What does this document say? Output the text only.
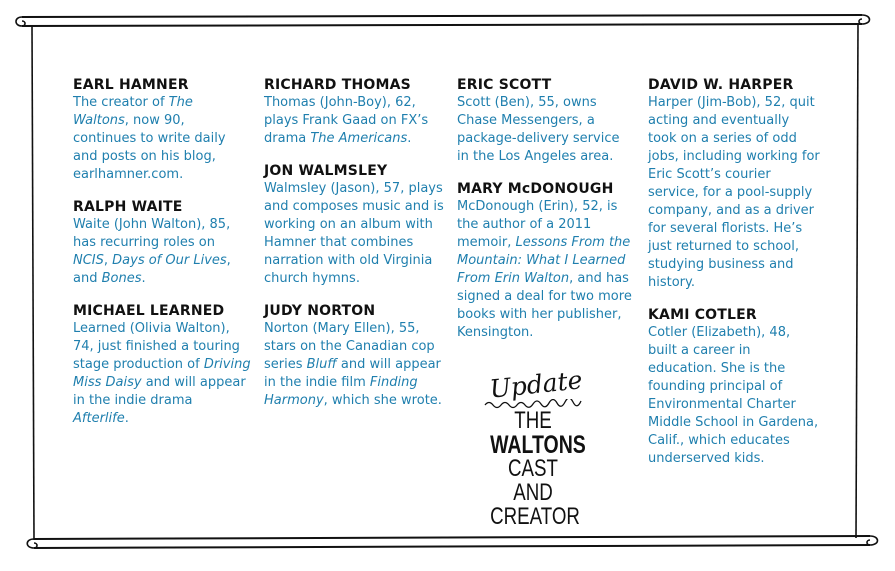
EARL HAMNER
The creator of The Waltons, now 90, continues to write daily and posts on his blog, earlhamner.com.
RALPH WAITE
Waite (John Walton), 85, has recurring roles on NCIS, Days of Our Lives, and Bones.
MICHAEL LEARNED
Learned (Olivia Walton), 74, just finished a touring stage production of Driving Miss Daisy and will appear in the indie drama Afterlife.
RICHARD THOMAS
Thomas (John-Boy), 62, plays Frank Gaad on FX’s drama The Americans.
JON WALMSLEY
Walmsley (Jason), 57, plays and composes music and is working on an album with Hamner that combines narration with old Virginia church hymns.
JUDY NORTON
Norton (Mary Ellen), 55, stars on the Canadian cop series Bluff and will appear in the indie film Finding Harmony, which she wrote.
ERIC SCOTT
Scott (Ben), 55, owns Chase Messengers, a package-delivery service in the Los Angeles area.
MARY McDONOUGH
McDonough (Erin), 52, is the author of a 2011 memoir, Lessons From the Mountain: What I Learned From Erin Walton, and has signed a deal for two more books with her publisher, Kensington.
DAVID W. HARPER
Harper (Jim-Bob), 52, quit acting and eventually took on a series of odd jobs, including working for Eric Scott’s courier service, for a pool-supply company, and as a driver for several florists. He’s just returned to school, studying business and history.
KAMI COTLER
Cotler (Elizabeth), 48, built a career in education. She is the founding principal of Environmental Charter Middle School in Gardena, Calif., which educates underserved kids.
Update
THE
WALTONS
CAST AND
CREATOR
